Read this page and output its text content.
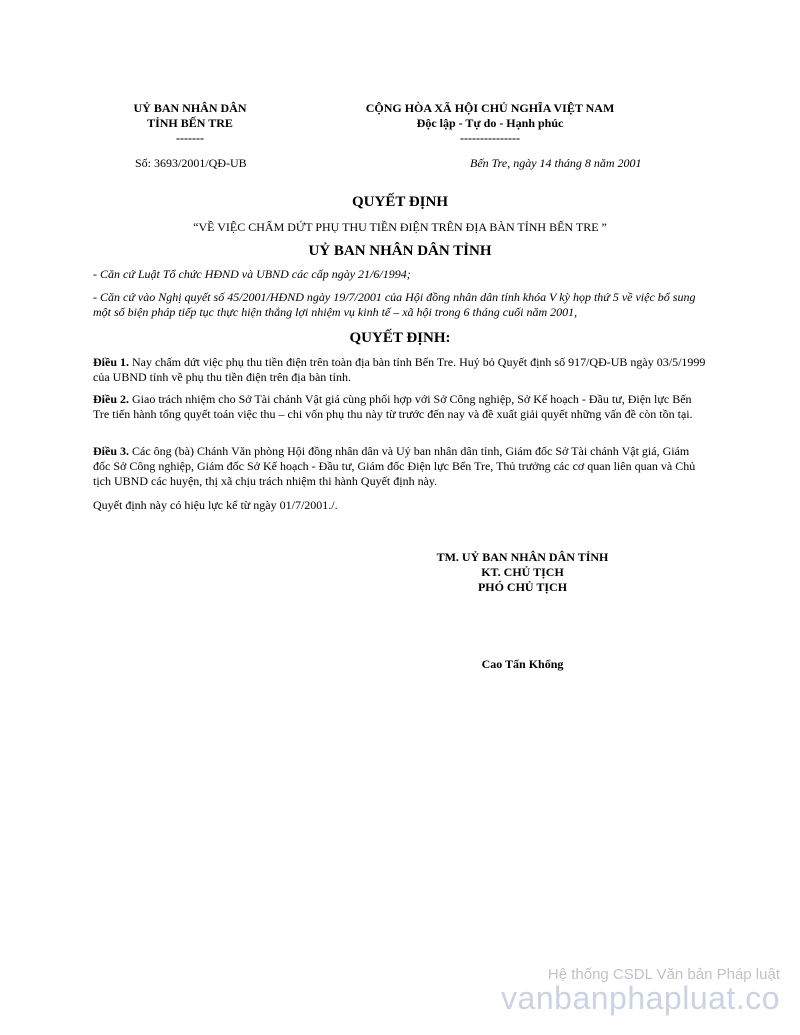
UỶ BAN NHÂN DÂN
TỈNH BẾN TRE
-------
CỘNG HÒA XÃ HỘI CHỦ NGHĨA VIỆT NAM
Độc lập - Tự do - Hạnh phúc
---------------
Số: 3693/2001/QĐ-UB	Bến Tre, ngày 14 tháng 8 năm 2001
QUYẾT ĐỊNH
“VỀ VIỆC CHẤM DỨT PHỤ THU TIỀN ĐIỆN TRÊN ĐỊA BÀN TỈNH BẾN TRE ”
UỶ BAN NHÂN DÂN TỈNH

- Căn cứ Luật Tổ chức HĐND và UBND các cấp ngày 21/6/1994;

- Căn cứ vào Nghị quyết số 45/2001/HĐND ngày 19/7/2001 của Hội đồng nhân dân tỉnh khóa V kỳ họp thứ 5 về việc bổ sung một số biện pháp tiếp tục thực hiện thắng lợi nhiệm vụ kinh tế – xã hội trong 6 tháng cuối năm 2001,

QUYẾT ĐỊNH:

Điều 1. Nay chấm dứt việc phụ thu tiền điện trên toàn địa bàn tỉnh Bến Tre. Huỷ bỏ Quyết định số 917/QĐ-UB ngày 03/5/1999 của UBND tỉnh về phụ thu tiền điện trên địa bàn tỉnh.

Điều 2. Giao trách nhiệm cho Sở Tài chánh Vật giá cùng phối hợp với Sở Công nghiệp, Sở Kế hoạch - Đầu tư, Điện lực Bến Tre tiến hành tổng quyết toán việc thu – chi vốn phụ thu này từ trước đến nay và đề xuất giải quyết những vấn đề còn tồn tại.

Điều 3. Các ông (bà) Chánh Văn phòng Hội đồng nhân dân và Uỷ ban nhân dân tỉnh, Giám đốc Sở Tài chánh Vật giá, Giám đốc Sở Công nghiệp, Giám đốc Sở Kế hoạch - Đầu tư, Giám đốc Điện lực Bến Tre, Thủ trưởng các cơ quan liên quan và Chủ tịch UBND các huyện, thị xã chịu trách nhiệm thi hành Quyết định này.

Quyết định này có hiệu lực kể từ ngày 01/7/2001./.

TM. UỶ BAN NHÂN DÂN TỈNH
KT. CHỦ TỊCH
PHÓ CHỦ TỊCH
Cao Tấn Khổng
Hệ thống CSDL Văn bản Pháp luật
vanbanphapluat.co
